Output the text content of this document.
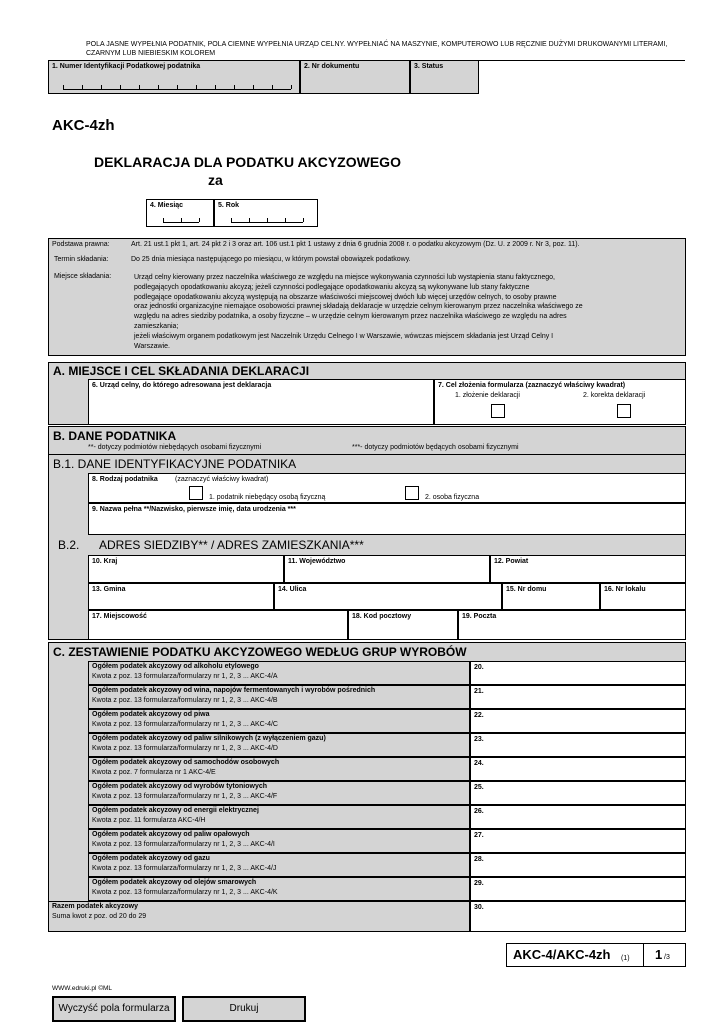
POLA JASNE WYPEŁNIA PODATNIK, POLA CIEMNE WYPEŁNIA URZĄD CELNY. WYPEŁNIAĆ NA MASZYNIE, KOMPUTEROWO LUB RĘCZNIE DUŻYMI DRUKOWANYMI LITERAMI, CZARNYM LUB NIEBIESKIM KOLOREM
1. Numer Identyfikacji Podatkowej podatnika	2. Nr dokumentu	3. Status
AKC-4zh
DEKLARACJA DLA PODATKU AKCYZOWEGO
za
4. Miesiąc	5. Rok
Podstawa prawna:	Art. 21 ust.1 pkt 1, art. 24 pkt 2 i 3 oraz art. 106 ust.1 pkt 1 ustawy z dnia 6 grudnia 2008 r. o podatku akcyzowym (Dz. U. z 2009 r. Nr 3, poz. 11).
Termin składania:	Do 25 dnia miesiąca następującego po miesiącu, w którym powstał obowiązek podatkowy.
Miejsce składania:	Urząd celny kierowany przez naczelnika właściwego ze względu na miejsce wykonywania czynności lub wystąpienia stanu faktycznego,
podlegających opodatkowaniu akcyzą; jeżeli czynności podlegające opodatkowaniu akcyzą są wykonywane lub stany faktyczne
podlegające opodatkowaniu akcyzą występują na obszarze właściwości miejscowej dwóch lub więcej urzędów celnych, to osoby prawne
oraz jednostki organizacyjne niemające osobowości prawnej składają deklaracje w urzędzie celnym kierowanym przez naczelnika właściwego ze
względu na adres siedziby podatnika, a osoby fizyczne – w urzędzie celnym kierowanym przez naczelnika właściwego ze względu na adres
zamieszkania;
jeżeli właściwym organem podatkowym jest Naczelnik Urzędu Celnego I w Warszawie, wówczas miejscem składania jest Urząd Celny I
Warszawie.
A. MIEJSCE I CEL SKŁADANIA DEKLARACJI
6. Urząd celny, do którego adresowana jest deklaracja	7. Cel złożenia formularza (zaznaczyć właściwy kwadrat)
1. złożenie deklaracji	2. korekta deklaracji
B. DANE PODATNIKA
**- dotyczy podmiotów niebędących osobami fizycznymi	***- dotyczy podmiotów będących osobami fizycznymi
B.1. DANE IDENTYFIKACYJNE PODATNIKA
8. Rodzaj podatnika (zaznaczyć właściwy kwadrat)
1. podatnik niebędący osobą fizyczną	2. osoba fizyczna
9. Nazwa pełna **/Nazwisko, pierwsze imię, data urodzenia ***
B.2. ADRES SIEDZIBY** / ADRES ZAMIESZKANIA***
10. Kraj	11. Województwo	12. Powiat
13. Gmina	14. Ulica	15. Nr domu	16. Nr lokalu
17. Miejscowość	18. Kod pocztowy	19. Poczta
C. ZESTAWIENIE PODATKU AKCYZOWEGO WEDŁUG GRUP WYROBÓW
Ogółem podatek akcyzowy od alkoholu etylowego
Kwota z poz. 13 formularza/formularzy nr 1, 2, 3 ... AKC-4/A
20.
Ogółem podatek akcyzowy od wina, napojów fermentowanych i wyrobów pośrednich
Kwota z poz. 13 formularza/formularzy nr 1, 2, 3 ... AKC-4/B
21.
Ogółem podatek akcyzowy od piwa
Kwota z poz. 13 formularza/formularzy nr 1, 2, 3 ... AKC-4/C
22.
Ogółem podatek akcyzowy od paliw silnikowych (z wyłączeniem gazu)
Kwota z poz. 13 formularza/formularzy nr 1, 2, 3 ... AKC-4/D
23.
Ogółem podatek akcyzowy od samochodów osobowych
Kwota z poz. 7 formularza nr 1 AKC-4/E
24.
Ogółem podatek akcyzowy od wyrobów tytoniowych
Kwota z poz. 13 formularza/formularzy nr 1, 2, 3 ... AKC-4/F
25.
Ogółem podatek akcyzowy od energii elektrycznej
Kwota z poz. 11 formularza AKC-4/H
26.
Ogółem podatek akcyzowy od paliw opałowych
Kwota z poz. 13 formularza/formularzy nr 1, 2, 3 ... AKC-4/I
27.
Ogółem podatek akcyzowy od gazu
Kwota z poz. 13 formularza/formularzy nr 1, 2, 3 ... AKC-4/J
28.
Ogółem podatek akcyzowy od olejów smarowych
Kwota z poz. 13 formularza/formularzy nr 1, 2, 3 ... AKC-4/K
29.
Razem podatek akcyzowy
Suma kwot z poz. od 20 do 29
30.
AKC-4/AKC-4zh (1) 1 /3
WWW.edruki.pl ©ML
Wyczyść pola formularza	Drukuj
